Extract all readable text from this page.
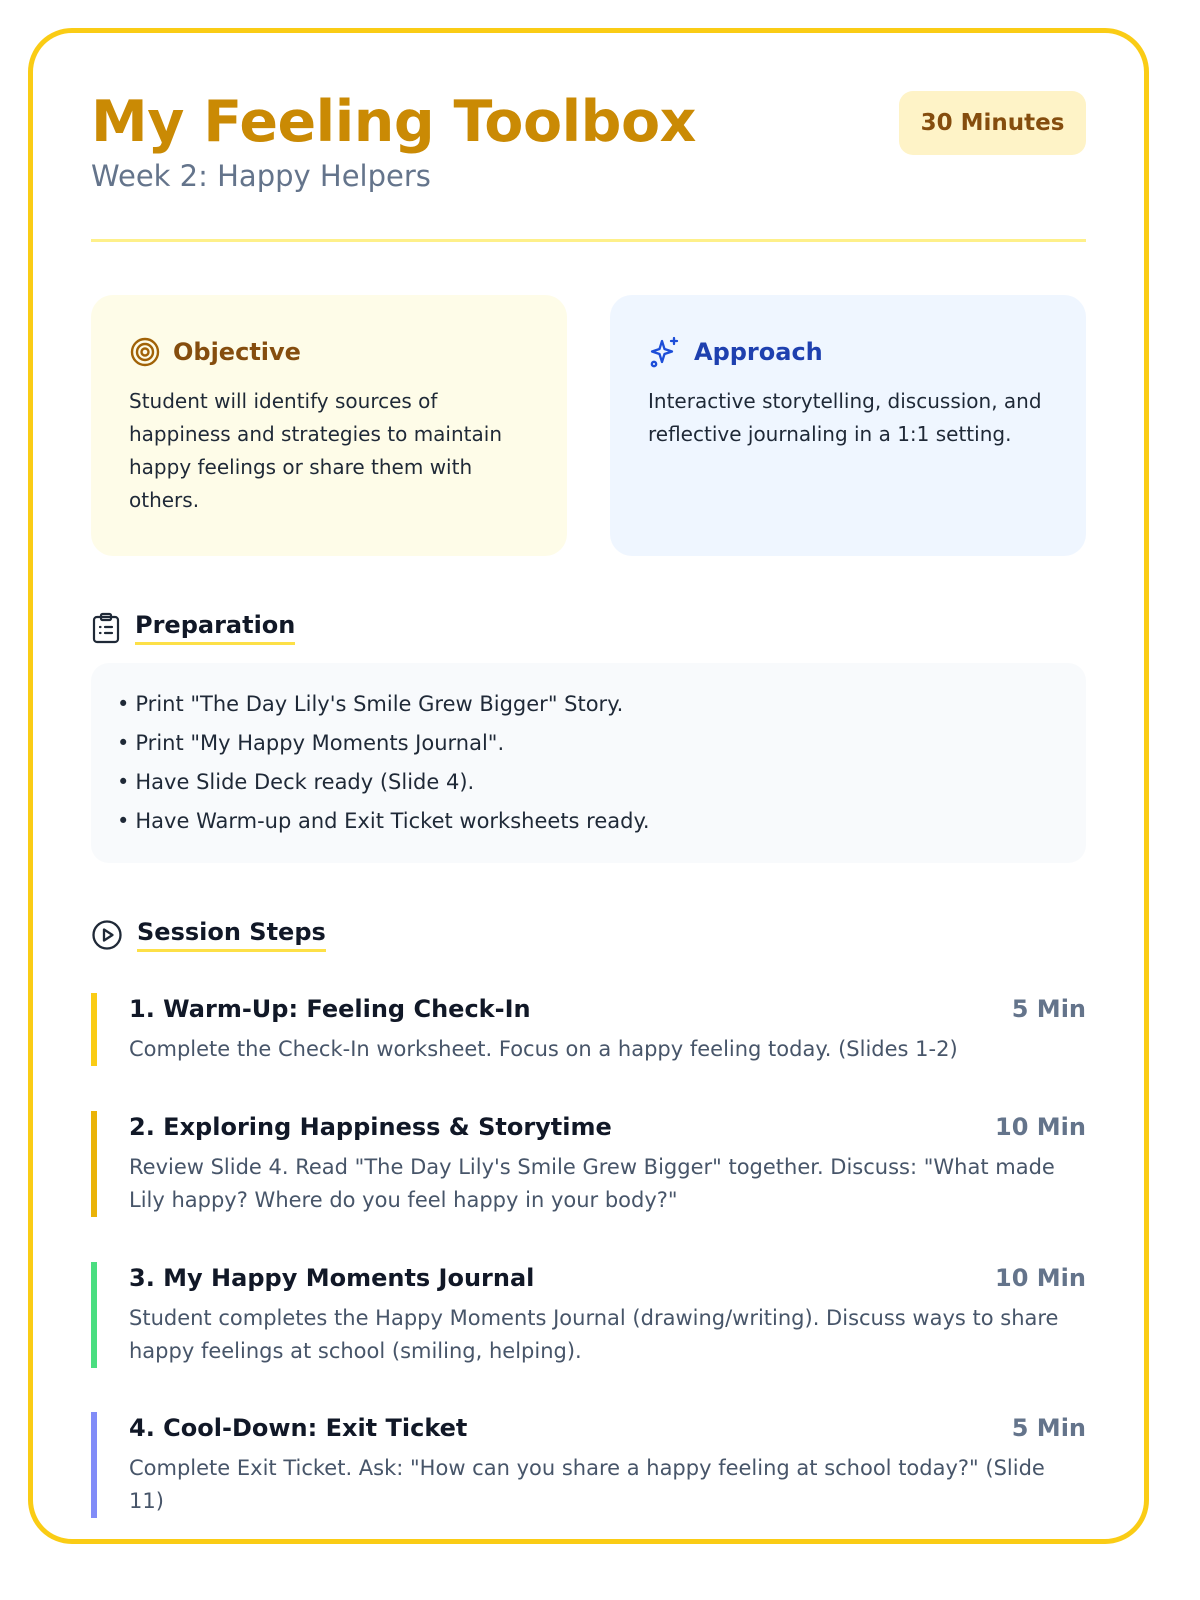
My Feeling Toolbox
Week 2: Happy Helpers
30 Minutes
Objective
Student will identify sources of happiness and strategies to maintain happy feelings or share them with others.
Approach
Interactive storytelling, discussion, and reflective journaling in a 1:1 setting.
Preparation
• Print "The Day Lily's Smile Grew Bigger" Story.
• Print "My Happy Moments Journal".
• Have Slide Deck ready (Slide 4).
• Have Warm-up and Exit Ticket worksheets ready.
Session Steps
1. Warm-Up: Feeling Check-In	5 Min
Complete the Check-In worksheet. Focus on a happy feeling today. (Slides 1-2)
2. Exploring Happiness & Storytime	10 Min
Review Slide 4. Read "The Day Lily's Smile Grew Bigger" together. Discuss: "What made Lily happy? Where do you feel happy in your body?"
3. My Happy Moments Journal	10 Min
Student completes the Happy Moments Journal (drawing/writing). Discuss ways to share happy feelings at school (smiling, helping).
4. Cool-Down: Exit Ticket	5 Min
Complete Exit Ticket. Ask: "How can you share a happy feeling at school today?" (Slide 11)
